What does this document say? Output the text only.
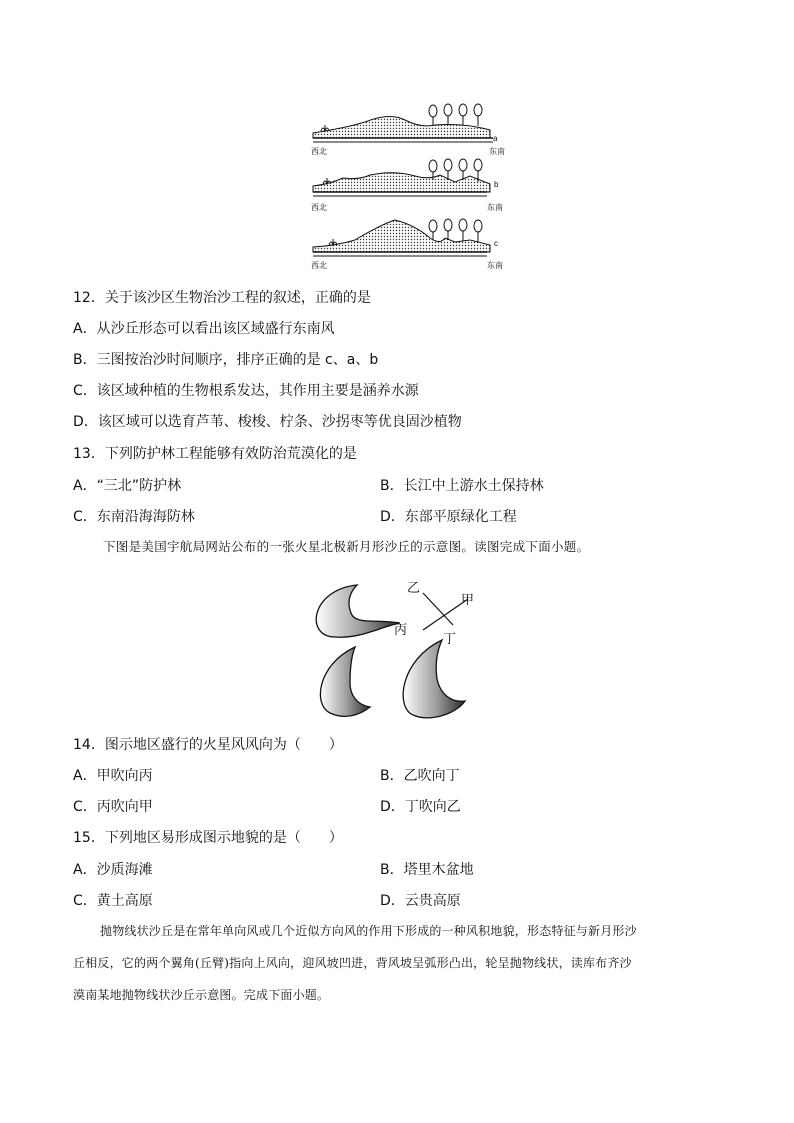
西北	东南
a
西北	东南
b
西北	东南
c
12．关于该沙区生物治沙工程的叙述，正确的是
A．从沙丘形态可以看出该区域盛行东南风
B．三图按治沙时间顺序，排序正确的是 c、a、b
C．该区域种植的生物根系发达，其作用主要是涵养水源
D．该区域可以选育芦苇、梭梭、柠条、沙拐枣等优良固沙植物
13．下列防护林工程能够有效防治荒漠化的是
A．“三北”防护林	B．长江中上游水土保持林
C．东南沿海海防林	D．东部平原绿化工程
下图是美国宇航局网站公布的一张火星北极新月形沙丘的示意图。读图完成下面小题。
乙
甲
丙
丁
14．图示地区盛行的火星风风向为（　　）
A．甲吹向丙	B．乙吹向丁
C．丙吹向甲	D．丁吹向乙
15．下列地区易形成图示地貌的是（　　）
A．沙质海滩	B．塔里木盆地
C．黄土高原	D．云贵高原
抛物线状沙丘是在常年单向风或几个近似方向风的作用下形成的一种风积地貌，形态特征与新月形沙
丘相反，它的两个翼角(丘臂)指向上风向，迎风坡凹进，背风坡呈弧形凸出，轮呈抛物线状，读库布齐沙
漠南某地抛物线状沙丘示意图。完成下面小题。
